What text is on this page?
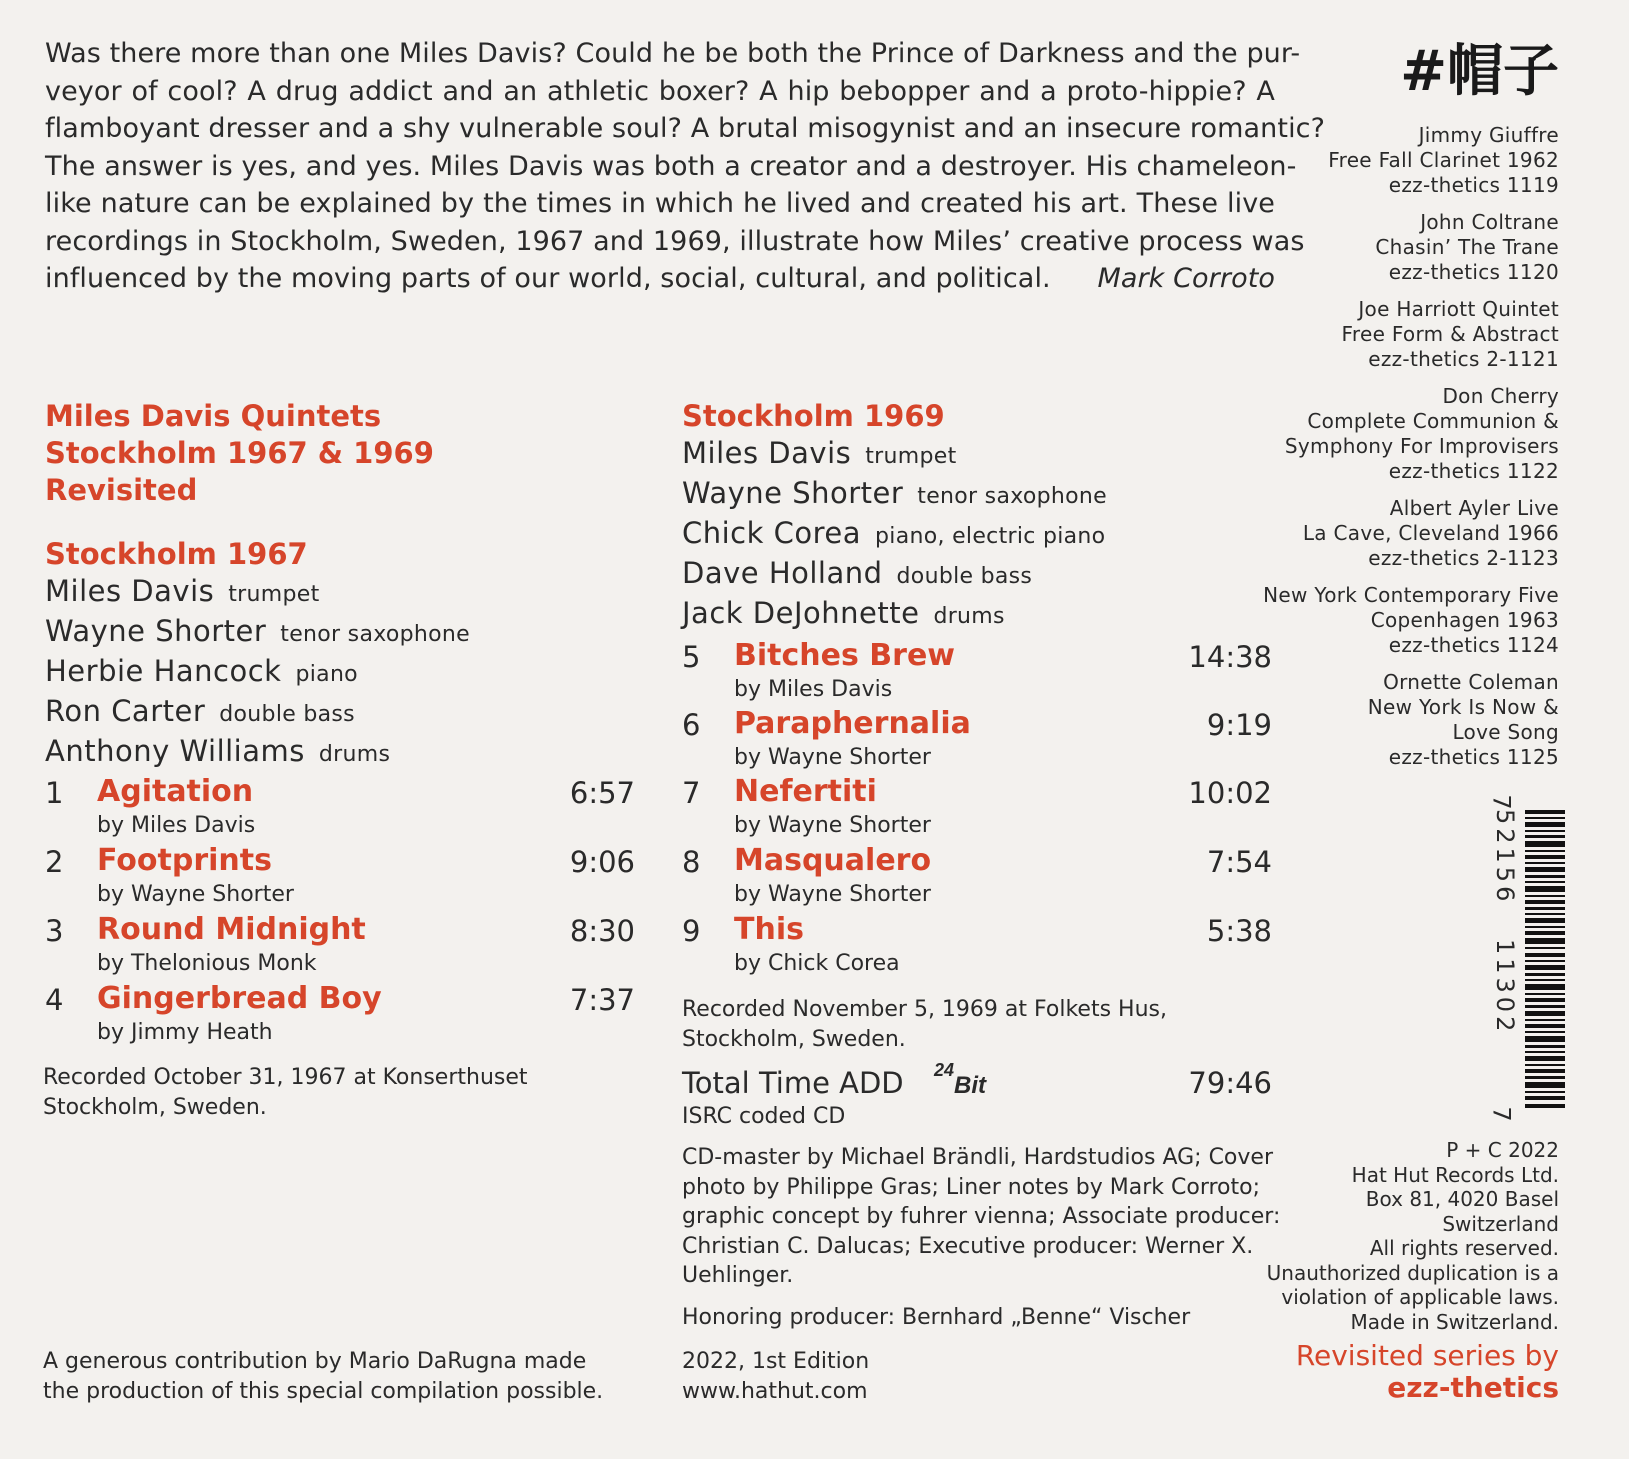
Was there more than one Miles Davis? Could he be both the Prince of Darkness and the pur-
veyor of cool? A drug addict and an athletic boxer? A hip bebopper and a proto-hippie? A
flamboyant dresser and a shy vulnerable soul? A brutal misogynist and an insecure romantic?
The answer is yes, and yes. Miles Davis was both a creator and a destroyer. His chameleon-
like nature can be explained by the times in which he lived and created his art. These live
recordings in Stockholm, Sweden, 1967 and 1969, illustrate how Miles’ creative process was
influenced by the moving parts of our world, social, cultural, and political. Mark Corroto
#帽子
Miles Davis Quintets
Stockholm 1967 & 1969
Revisited
Stockholm 1967
Miles Davis trumpet
Wayne Shorter tenor saxophone
Herbie Hancock piano
Ron Carter double bass
Anthony Williams drums
1 Agitation
by Miles Davis
6:57
2 Footprints
by Wayne Shorter
9:06
3 Round Midnight
by Thelonious Monk
8:30
4 Gingerbread Boy
by Jimmy Heath
7:37
Recorded October 31, 1967 at Konserthuset
Stockholm, Sweden.
A generous contribution by Mario DaRugna made
the production of this special compilation possible.
Stockholm 1969
Miles Davis trumpet
Wayne Shorter tenor saxophone
Chick Corea piano, electric piano
Dave Holland double bass
Jack DeJohnette drums
5 Bitches Brew
by Miles Davis
14:38
6 Paraphernalia
by Wayne Shorter
9:19
7 Nefertiti
by Wayne Shorter
10:02
8 Masqualero
by Wayne Shorter
7:54
9 This
by Chick Corea
5:38
Recorded November 5, 1969 at Folkets Hus,
Stockholm, Sweden.
Total Time ADD 24Bit	79:46
ISRC coded CD
CD-master by Michael Brändli, Hardstudios AG; Cover
photo by Philippe Gras; Liner notes by Mark Corroto;
graphic concept by fuhrer vienna; Associate producer:
Christian C. Dalucas; Executive producer: Werner X.
Uehlinger.
Honoring producer: Bernhard „Benne“ Vischer
2022, 1st Edition
www.hathut.com
Jimmy Giuffre
Free Fall Clarinet 1962
ezz-thetics 1119
John Coltrane
Chasin’ The Trane
ezz-thetics 1120
Joe Harriott Quintet
Free Form & Abstract
ezz-thetics 2-1121
Don Cherry
Complete Communion &
Symphony For Improvisers
ezz-thetics 1122
Albert Ayler Live
La Cave, Cleveland 1966
ezz-thetics 2-1123
New York Contemporary Five
Copenhagen 1963
ezz-thetics 1124
Ornette Coleman
New York Is Now &
Love Song
ezz-thetics 1125
7
52156
11302
7
P + C 2022
Hat Hut Records Ltd.
Box 81, 4020 Basel
Switzerland
All rights reserved.
Unauthorized duplication is a
violation of applicable laws.
Made in Switzerland.
Revisited series by
ezz-thetics
